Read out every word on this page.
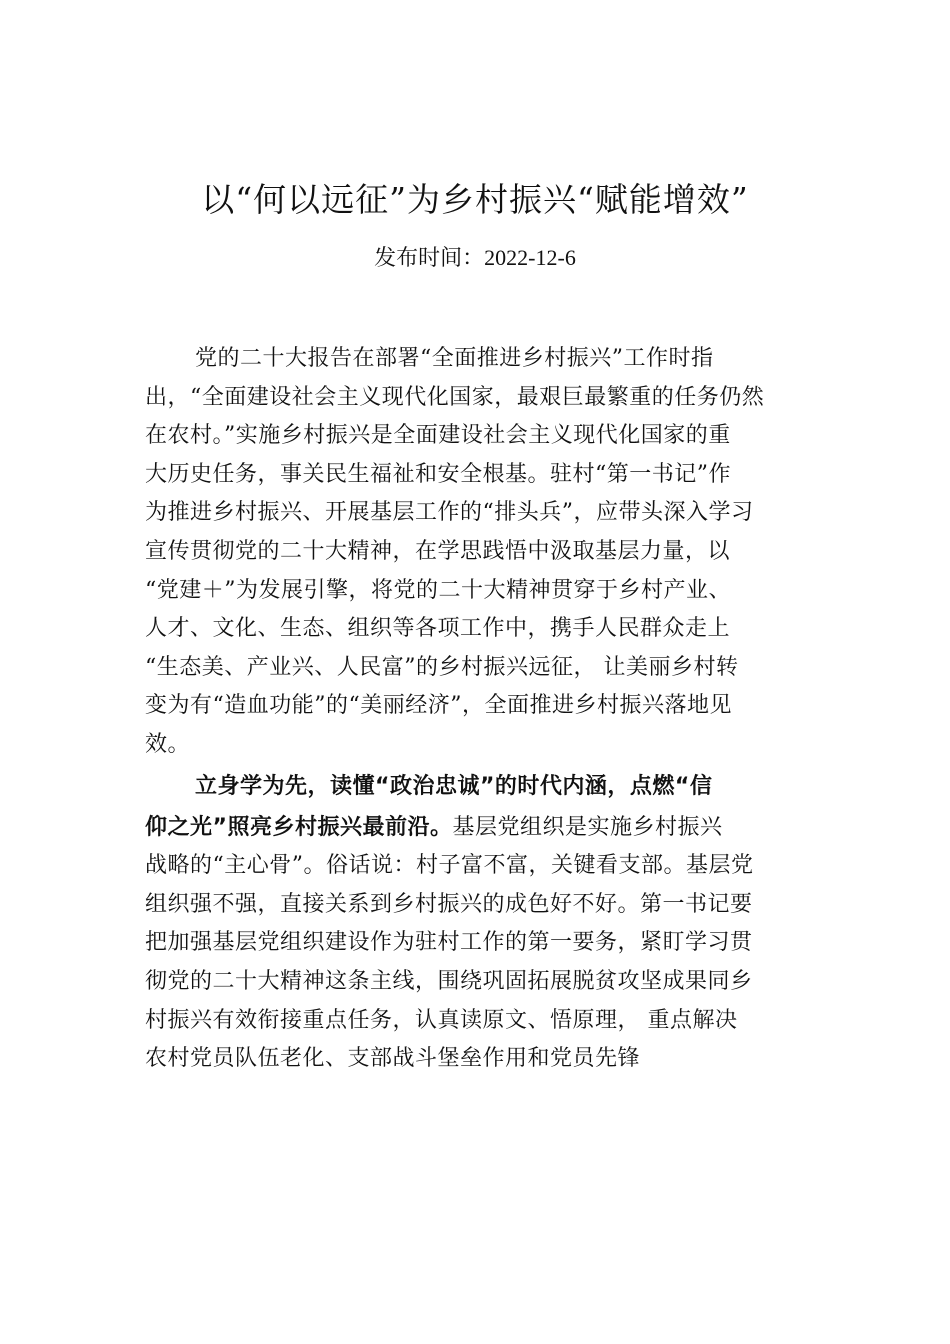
以“何以远征”为乡村振兴“赋能增效”
发布时间：2022-12-6
党的二十大报告在部署“全面推进乡村振兴”工作时指
出，“全面建设社会主义现代化国家，最艰巨最繁重的任务仍然
在农村。”实施乡村振兴是全面建设社会主义现代化国家的重
大历史任务，事关民生福祉和安全根基。驻村“第一书记”作
为推进乡村振兴、开展基层工作的“排头兵”，应带头深入学习
宣传贯彻党的二十大精神，在学思践悟中汲取基层力量，以
“党建＋”为发展引擎，将党的二十大精神贯穿于乡村产业、
人才、文化、生态、组织等各项工作中，携手人民群众走上
“生态美、产业兴、人民富”的乡村振兴远征， 让美丽乡村转
变为有“造血功能”的“美丽经济”，全面推进乡村振兴落地见
效。
立身学为先，读懂“政治忠诚”的时代内涵，点燃“信
仰之光”照亮乡村振兴最前沿。基层党组织是实施乡村振兴
战略的“主心骨”。俗话说：村子富不富，关键看支部。基层党
组织强不强，直接关系到乡村振兴的成色好不好。第一书记要
把加强基层党组织建设作为驻村工作的第一要务，紧盯学习贯
彻党的二十大精神这条主线，围绕巩固拓展脱贫攻坚成果同乡
村振兴有效衔接重点任务，认真读原文、悟原理， 重点解决
农村党员队伍老化、支部战斗堡垒作用和党员先锋
